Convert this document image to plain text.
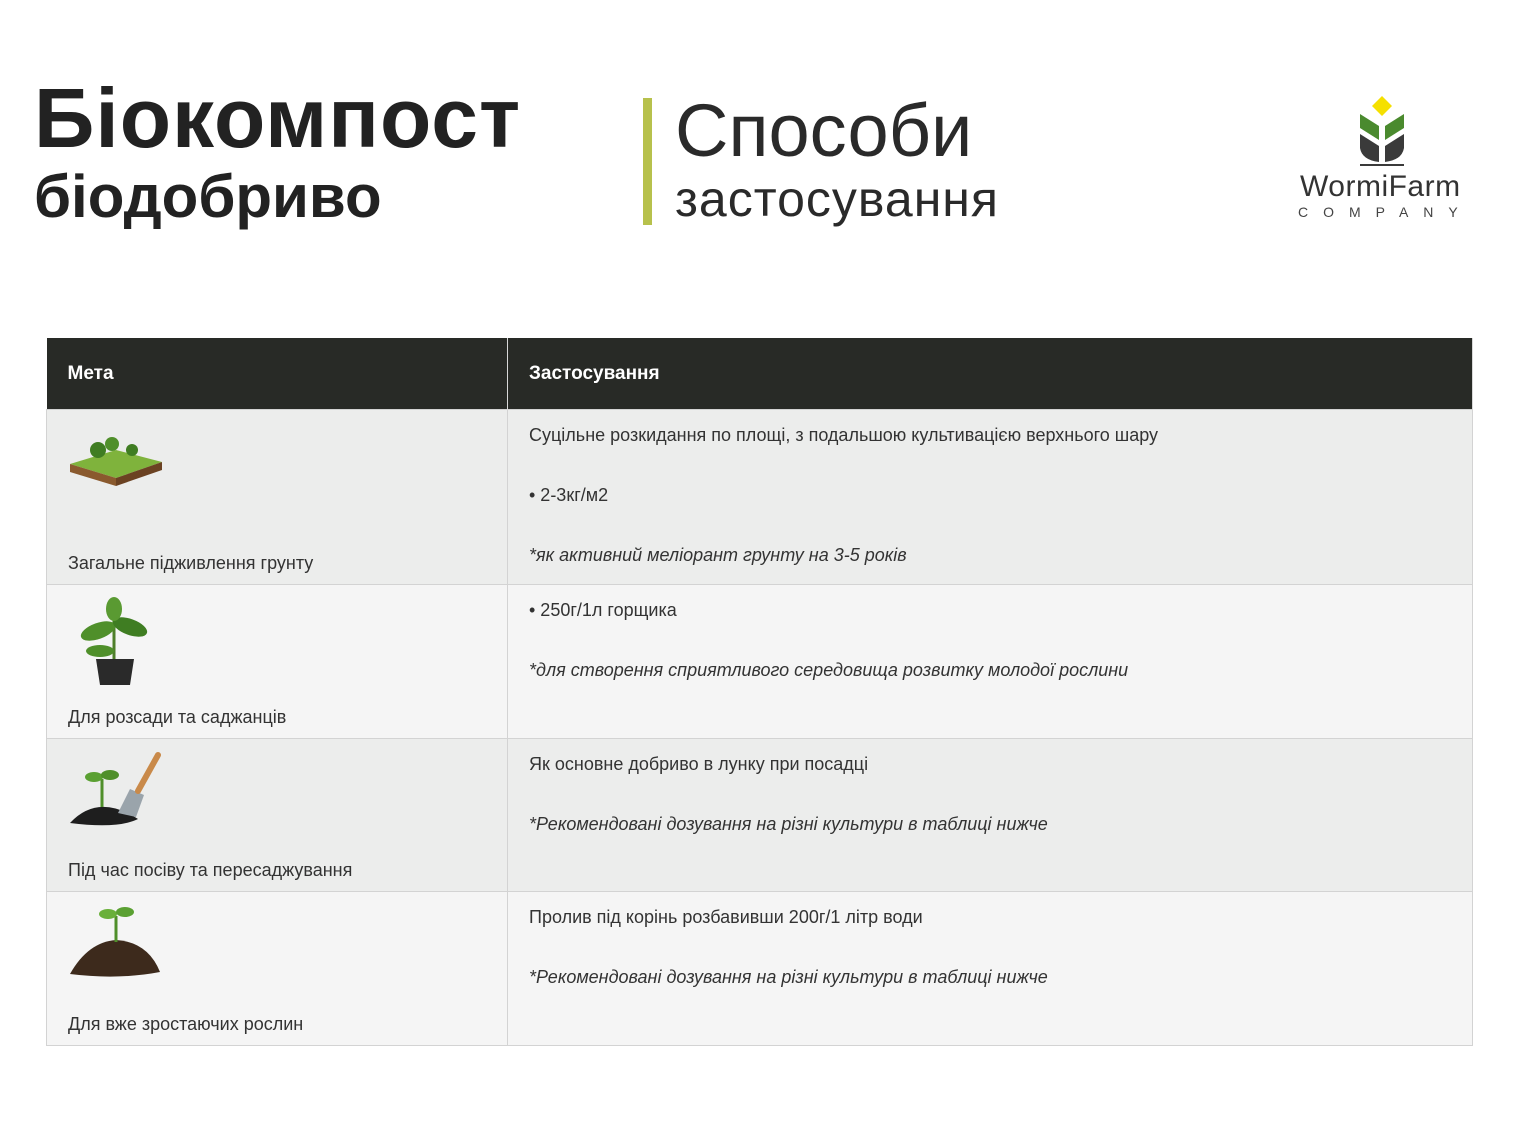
Біокомпост
біодобриво
Способи
застосування	WormiFarm
COMPANY
Мета	Застосування

Загальне підживлення грунту	Суцільне розкидання по площі, з подальшою культивацією верхнього шару

• 2-3кг/м2

*як активний меліорант грунту на 3-5 років

Для розсади та саджанців	• 250г/1л горщика

*для створення сприятливого середовища розвитку молодої рослини

Під час посіву та пересаджування	Як основне добриво в лунку при посадці

*Рекомендовані дозування на різні культури в таблиці нижче

Для вже зростаючих рослин	Пролив під корінь розбавивши 200г/1 літр води

*Рекомендовані дозування на різні культури в таблиці нижче
